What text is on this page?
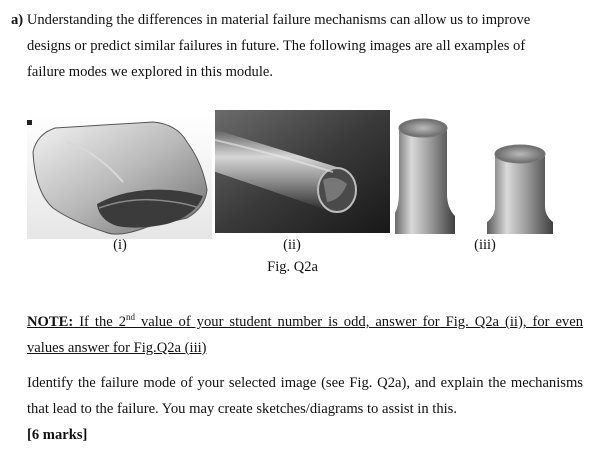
a) Understanding the differences in material failure mechanisms can allow us to improve
designs or predict similar failures in future. The following images are all examples of
failure modes we explored in this module.
(i)	(ii)	(iii)
Fig. Q2a
NOTE: If the 2nd value of your student number is odd, answer for Fig. Q2a (ii), for even values answer for Fig.Q2a (iii)
Identify the failure mode of your selected image (see Fig. Q2a), and explain the mechanisms that lead to the failure. You may create sketches/diagrams to assist in this.
[6 marks]
